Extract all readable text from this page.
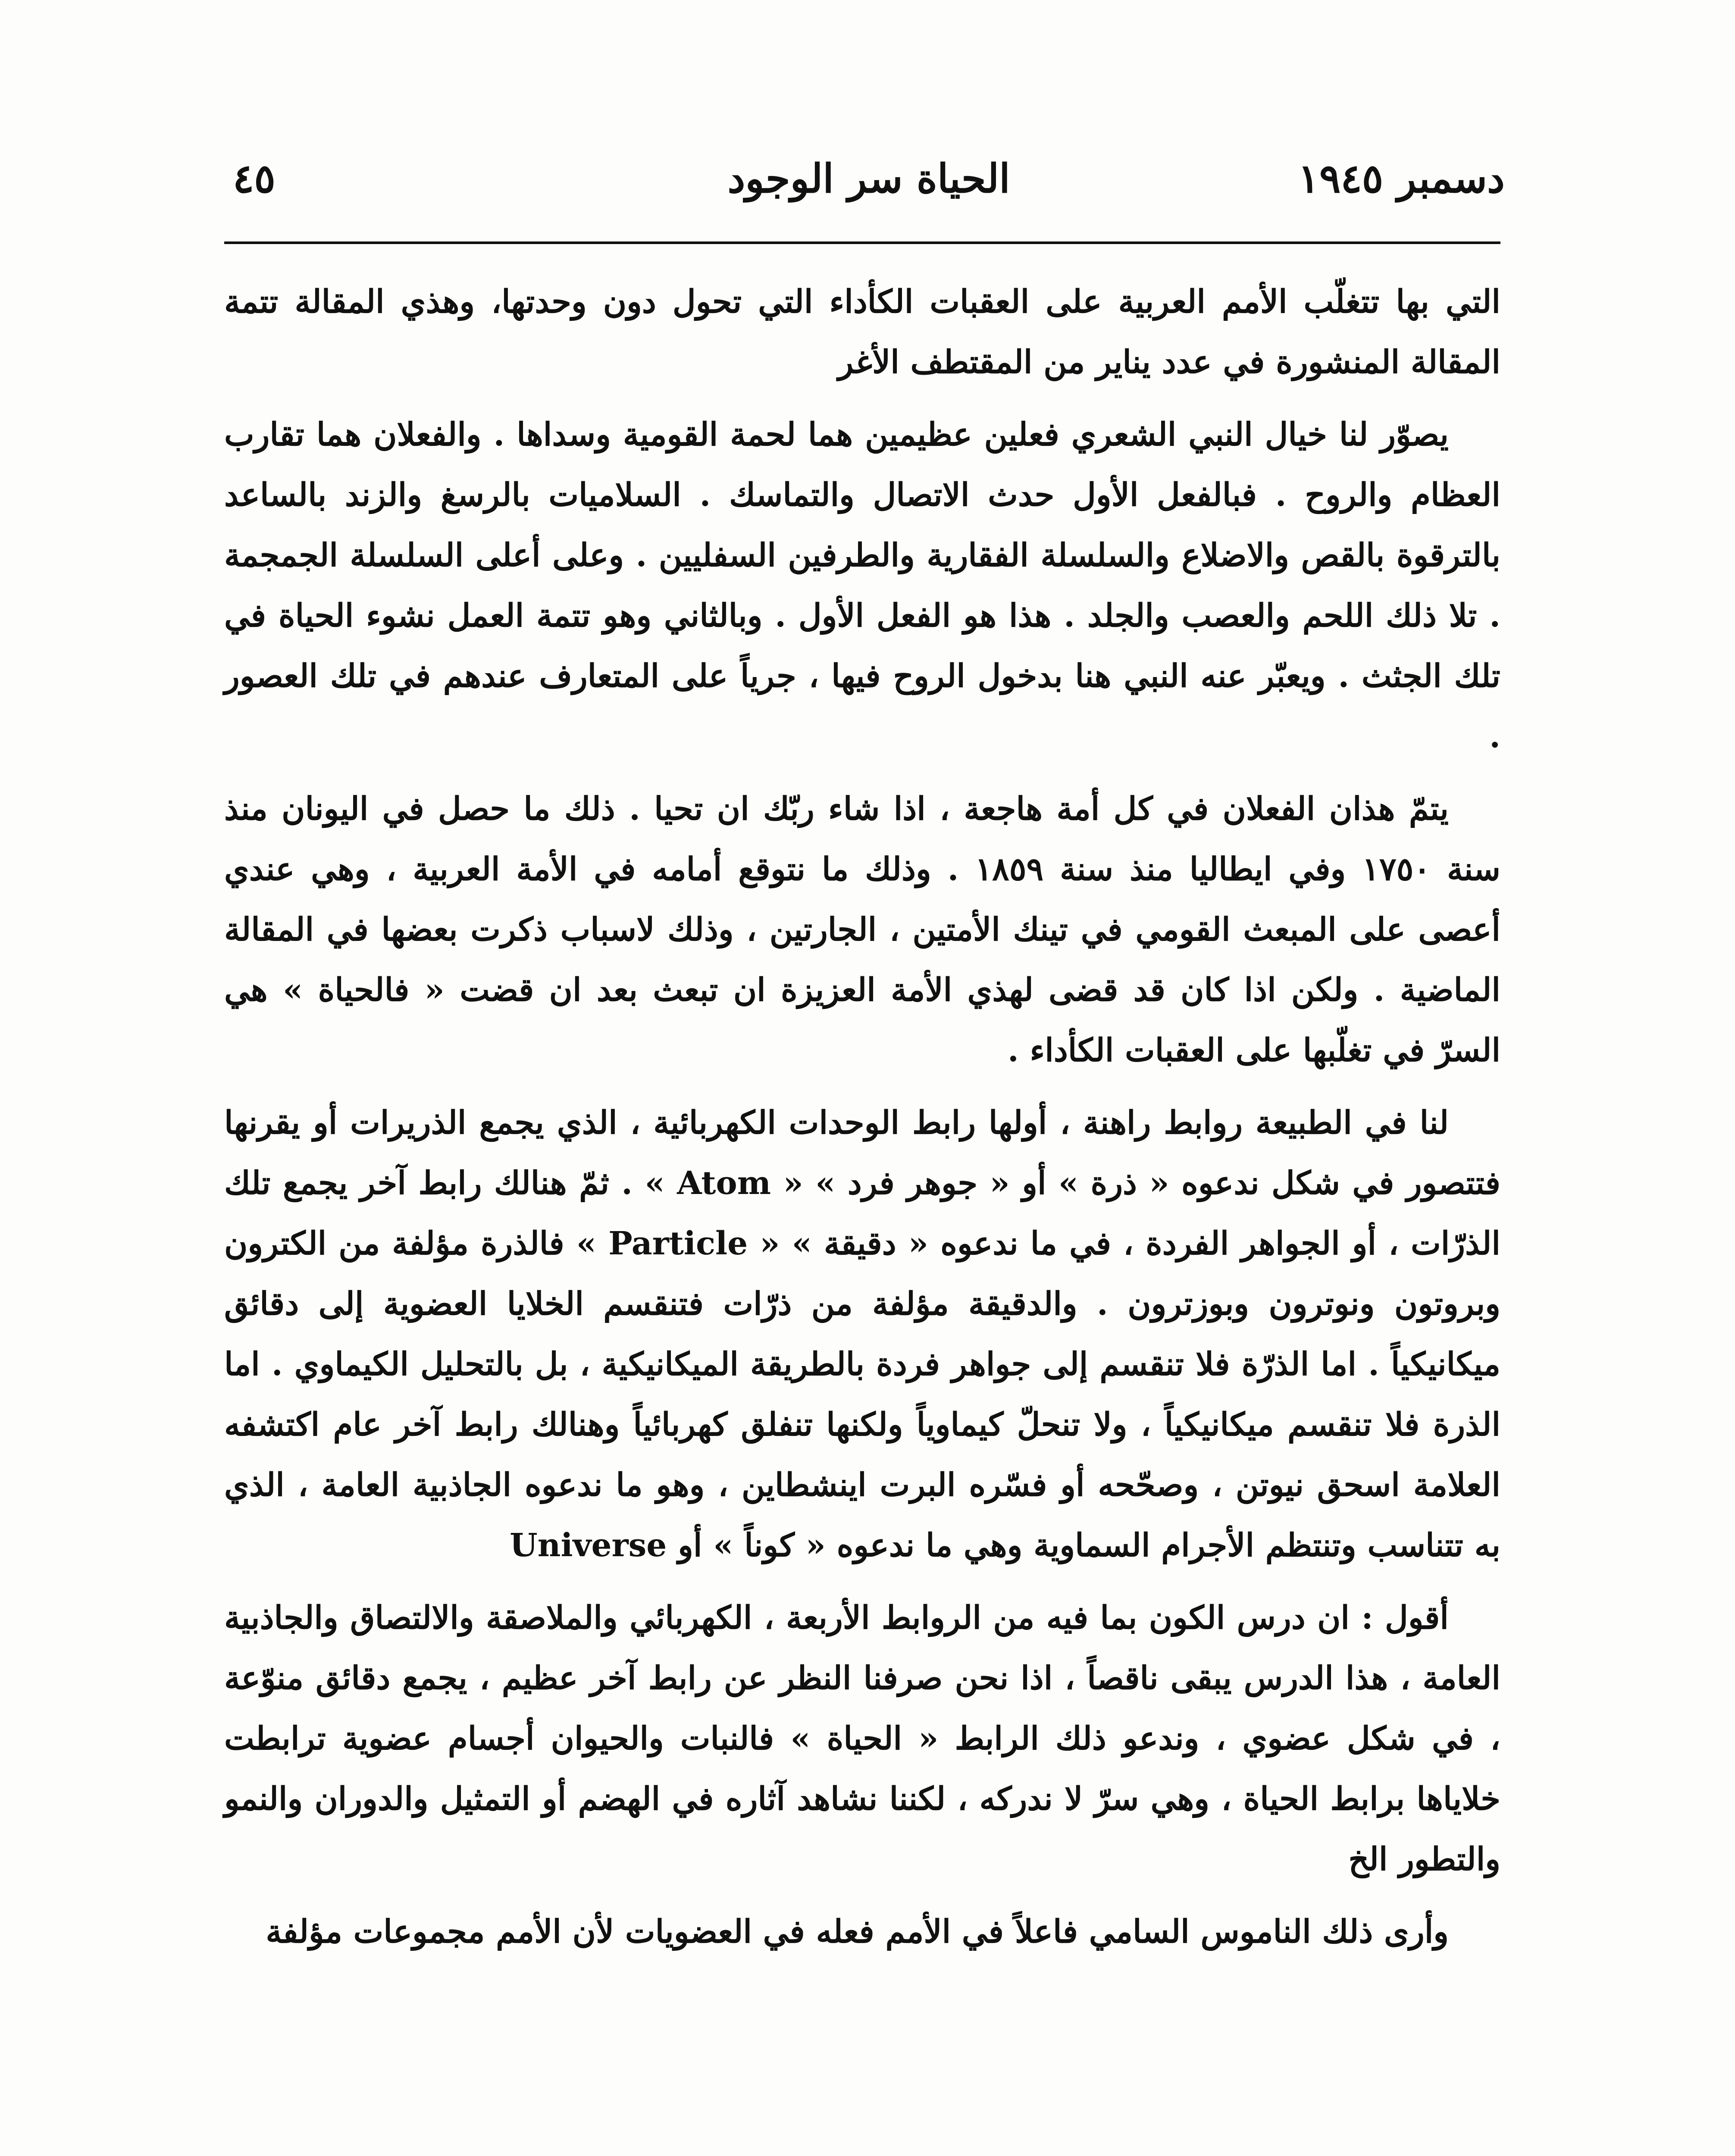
دسمبر ١٩٤٥
الحياة سر الوجود
٤٥

التي بها تتغلّب الأمم العربية على العقبات الكأداء التي تحول دون وحدتها، وهذي المقالة تتمة المقالة المنشورة في عدد يناير من المقتطف الأغر

يصوّر لنا خيال النبي الشعري فعلين عظيمين هما لحمة القومية وسداها . والفعلان هما تقارب العظام والروح . فبالفعل الأول حدث الاتصال والتماسك . السلاميات بالرسغ والزند بالساعد بالترقوة بالقص والاضلاع والسلسلة الفقارية والطرفين السفليين . وعلى أعلى السلسلة الجمجمة . تلا ذلك اللحم والعصب والجلد . هذا هو الفعل الأول . وبالثاني وهو تتمة العمل نشوء الحياة في تلك الجثث . ويعبّر عنه النبي هنا بدخول الروح فيها ، جرياً على المتعارف عندهم في تلك العصور .

يتمّ هذان الفعلان في كل أمة هاجعة ، اذا شاء ربّك ان تحيا . ذلك ما حصل في اليونان منذ سنة ١٧٥٠ وفي ايطاليا منذ سنة ١٨٥٩ . وذلك ما نتوقع أمامه في الأمة العربية ، وهي عندي أعصى على المبعث القومي في تينك الأمتين ، الجارتين ، وذلك لاسباب ذكرت بعضها في المقالة الماضية . ولكن اذا كان قد قضى لهذي الأمة العزيزة ان تبعث بعد ان قضت « فالحياة » هي السرّ في تغلّبها على العقبات الكأداء .

لنا في الطبيعة روابط راهنة ، أولها رابط الوحدات الكهربائية ، الذي يجمع الذريرات أو يقرنها فتتصور في شكل ندعوه « ذرة » أو « جوهر فرد » « Atom » . ثمّ هنالك رابط آخر يجمع تلك الذرّات ، أو الجواهر الفردة ، في ما ندعوه « دقيقة » « Particle » فالذرة مؤلفة من الكترون وبروتون ونوترون وبوزترون . والدقيقة مؤلفة من ذرّات فتنقسم الخلايا العضوية إلى دقائق ميكانيكياً . اما الذرّة فلا تنقسم إلى جواهر فردة بالطريقة الميكانيكية ، بل بالتحليل الكيماوي . اما الذرة فلا تنقسم ميكانيكياً ، ولا تنحلّ كيماوياً ولكنها تنفلق كهربائياً وهنالك رابط آخر عام اكتشفه العلامة اسحق نيوتن ، وصحّحه أو فسّره البرت اينشطاين ، وهو ما ندعوه الجاذبية العامة ، الذي به تتناسب وتنتظم الأجرام السماوية وهي ما ندعوه « كوناً » أو Universe

أقول : ان درس الكون بما فيه من الروابط الأربعة ، الكهربائي والملاصقة والالتصاق والجاذبية العامة ، هذا الدرس يبقى ناقصاً ، اذا نحن صرفنا النظر عن رابط آخر عظيم ، يجمع دقائق منوّعة ، في شكل عضوي ، وندعو ذلك الرابط « الحياة » فالنبات والحيوان أجسام عضوية ترابطت خلاياها برابط الحياة ، وهي سرّ لا ندركه ، لكننا نشاهد آثاره في الهضم أو التمثيل والدوران والنمو والتطور الخ

وأرى ذلك الناموس السامي فاعلاً في الأمم فعله في العضويات لأن الأمم مجموعات مؤلفة
